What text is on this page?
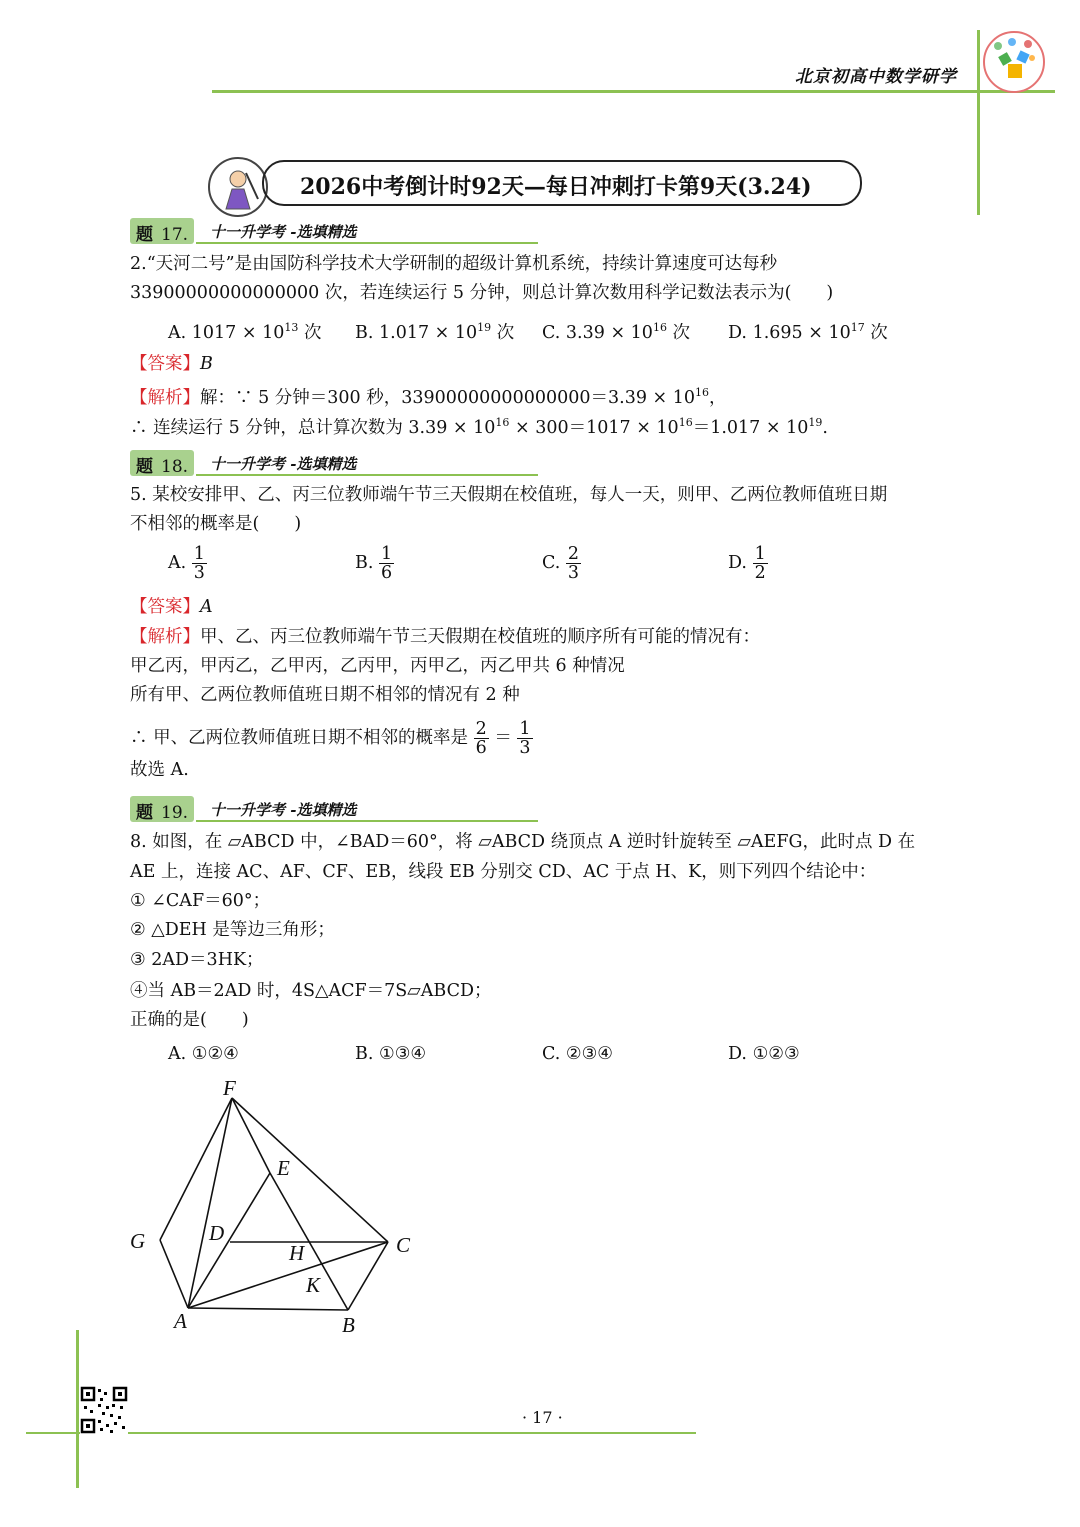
北京初高中数学研学
2026中考倒计时92天—每日冲刺打卡第9天(3.24)
题 17. 十一升学考 -选填精选
2.“天河二号”是由国防科学技术大学研制的超级计算机系统，持续计算速度可达每秒
33900000000000000 次，若连续运行 5 分钟，则总计算次数用科学记数法表示为(　　)
A. $1017 \times 10^{13}$ 次 B. $1.017 \times 10^{19}$ 次 C. $3.39 \times 10^{16}$ 次 D. $1.695 \times 10^{17}$ 次
【答案】B
【解析】解：∵ 5 分钟＝300 秒，$33900000000000000=3.39 \times 10^{16}$，
∴ 连续运行 5 分钟，总计算次数为 $3.39 \times 10^{16} \times 300=1017 \times 10^{16}=1.017 \times 10^{19}$.
题 18. 十一升学考 -选填精选
5. 某校安排甲、乙、丙三位教师端午节三天假期在校值班，每人一天，则甲、乙两位教师值班日期
不相邻的概率是(　　)
A. $\frac{1}{3}$	B. $\frac{1}{6}$	C. $\frac{2}{3}$	D. $\frac{1}{2}$
【答案】A
【解析】甲、乙、丙三位教师端午节三天假期在校值班的顺序所有可能的情况有：
甲乙丙，甲丙乙，乙甲丙，乙丙甲，丙甲乙，丙乙甲共 6 种情况
所有甲、乙两位教师值班日期不相邻的情况有 2 种
∴ 甲、乙两位教师值班日期不相邻的概率是 $\frac{2}{6} = \frac{1}{3}$
故选 A.
题 19. 十一升学考 -选填精选
8. 如图，在 ▱ABCD 中，∠BAD＝60°，将 ▱ABCD 绕顶点 A 逆时针旋转至 ▱AEFG，此时点 D 在
AE 上，连接 AC、AF、CF、EB，线段 EB 分别交 CD、AC 于点 H、K，则下列四个结论中：
① ∠CAF＝60°；
② △DEH 是等边三角形；
③ 2AD＝3HK；
④当 AB＝2AD 时，4S△ACF＝7S▱ABCD；
正确的是(　　)
A. ①②④	B. ①③④	C. ②③④	D. ①②③
F
E
G	D
H	C
K
A	B
· 17 ·
